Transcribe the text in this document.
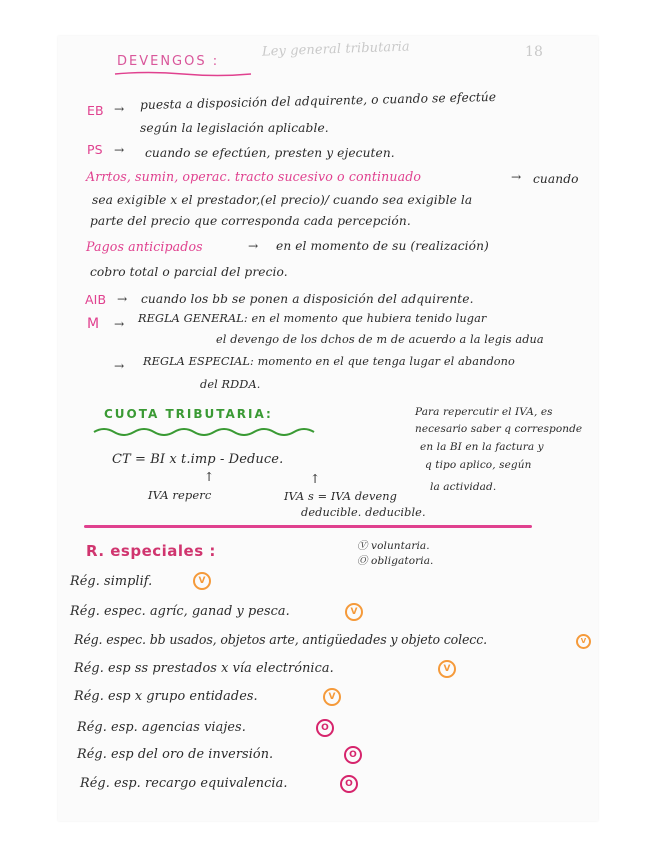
Ley general tributaria	18
DEVENGOS :
EB → puesta a disposición del adquirente, o cuando se efectúe
según la legislación aplicable.
PS → cuando se efectúen, presten y ejecuten.
Arrtos, sumin, operac. tracto sucesivo o continuado	→ cuando
sea exigible x el prestador,(el precio)/ cuando sea exigible la
parte del precio que corresponda cada percepción.
Pagos anticipados	→ en el momento de su (realización)
cobro total o parcial del precio.
AIB → cuando los bb se ponen a disposición del adquirente.
M → REGLA GENERAL: en el momento que hubiera tenido lugar
el devengo de los dchos de m de acuerdo a la legis adua
→ REGLA ESPECIAL: momento en el que tenga lugar el abandono
del RDDA.
CUOTA TRIBUTARIA:
CT = BI x t.imp - Deduce.
↑	↑
IVA reperc	IVA s = IVA deveng
deducible. deducible.
Para repercutir el IVA, es
necesario saber q corresponde
en la BI en la factura y
q tipo aplico, según
la actividad.
R. especiales :	Ⓥ voluntaria.
Ⓞ obligatoria.
Rég. simplif.	V
Rég. espec. agríc, ganad y pesca.	V
Rég. espec. bb usados, objetos arte, antigüedades y objeto colecc.	V
Rég. esp ss prestados x vía electrónica.	V
Rég. esp x grupo entidades.	V
Rég. esp. agencias viajes.	O
Rég. esp del oro de inversión.	O
Rég. esp. recargo equivalencia.	O
